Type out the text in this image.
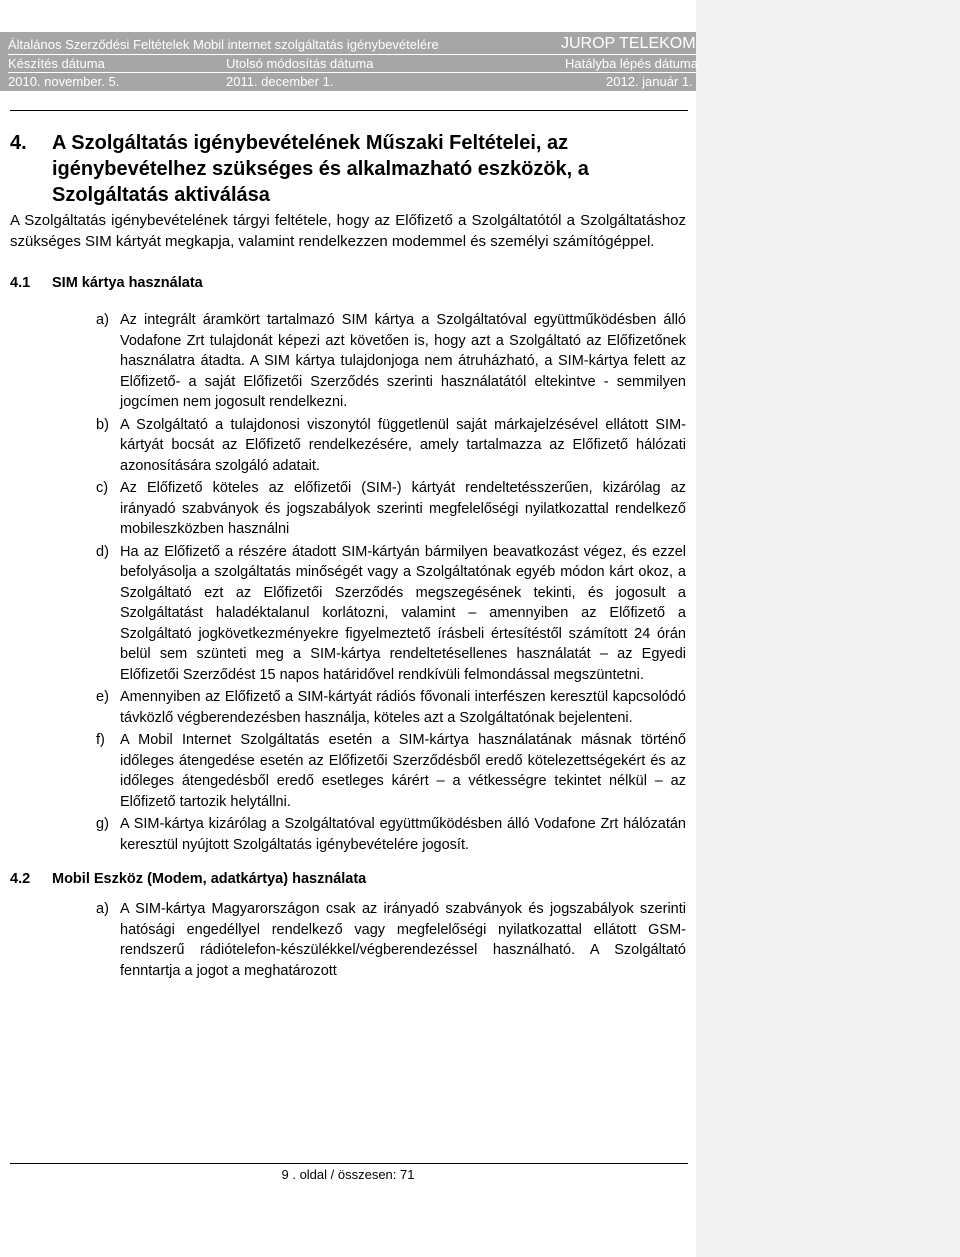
Általános Szerződési Feltételek Mobil internet szolgáltatás igénybevételére	JUROP TELEKOM
Készítés dátuma	Utolsó módosítás dátuma	Hatályba lépés dátuma
2010. november. 5.	2011. december 1.	2012. január 1.
4.	A Szolgáltatás igénybevételének Műszaki Feltételei, az igénybevételhez szükséges és alkalmazható eszközök, a Szolgáltatás aktiválása

A Szolgáltatás igénybevételének tárgyi feltétele, hogy az Előfizető a Szolgáltatótól a Szolgáltatáshoz szükséges SIM kártyát megkapja, valamint rendelkezzen modemmel és személyi számítógéppel.

4.1	SIM kártya használata
a) Az integrált áramkört tartalmazó SIM kártya a Szolgáltatóval együttműködésben álló Vodafone Zrt tulajdonát képezi azt követően is, hogy azt a Szolgáltató az Előfizetőnek használatra átadta. A SIM kártya tulajdonjoga nem átruházható, a SIM-kártya felett az Előfizető- a saját Előfizetői Szerződés szerinti használatától eltekintve - semmilyen jogcímen nem jogosult rendelkezni.
b) A Szolgáltató a tulajdonosi viszonytól függetlenül saját márkajelzésével ellátott SIM-kártyát bocsát az Előfizető rendelkezésére, amely tartalmazza az Előfizető hálózati azonosítására szolgáló adatait.
c) Az Előfizető köteles az előfizetői (SIM-) kártyát rendeltetésszerűen, kizárólag az irányadó szabványok és jogszabályok szerinti megfelelőségi nyilatkozattal rendelkező mobileszközben használni
d) Ha az Előfizető a részére átadott SIM-kártyán bármilyen beavatkozást végez, és ezzel befolyásolja a szolgáltatás minőségét vagy a Szolgáltatónak egyéb módon kárt okoz, a Szolgáltató ezt az Előfizetői Szerződés megszegésének tekinti, és jogosult a Szolgáltatást haladéktalanul korlátozni, valamint – amennyiben az Előfizető a Szolgáltató jogkövetkezményekre figyelmeztető írásbeli értesítéstől számított 24 órán belül sem szünteti meg a SIM-kártya rendeltetésellenes használatát – az Egyedi Előfizetői Szerződést 15 napos határidővel rendkívüli felmondással megszüntetni.
e) Amennyiben az Előfizető a SIM-kártyát rádiós fővonali interfészen keresztül kapcsolódó távközlő végberendezésben használja, köteles azt a Szolgáltatónak bejelenteni.
f)	A Mobil Internet Szolgáltatás esetén a SIM-kártya használatának másnak történő időleges átengedése esetén az Előfizetői Szerződésből eredő kötelezettségekért és az időleges átengedésből eredő esetleges kárért – a vétkességre tekintet nélkül – az Előfizető tartozik helytállni.
g) A SIM-kártya kizárólag a Szolgáltatóval együttműködésben álló Vodafone Zrt hálózatán keresztül nyújtott Szolgáltatás igénybevételére jogosít.
4.2	Mobil Eszköz (Modem, adatkártya) használata
a) A SIM-kártya Magyarországon csak az irányadó szabványok és jogszabályok szerinti hatósági engedéllyel rendelkező vagy megfelelőségi nyilatkozattal ellátott GSM-rendszerű rádiótelefon-készülékkel/végberendezéssel használható. A Szolgáltató fenntartja a jogot a meghatározott
9 . oldal / összesen: 71
